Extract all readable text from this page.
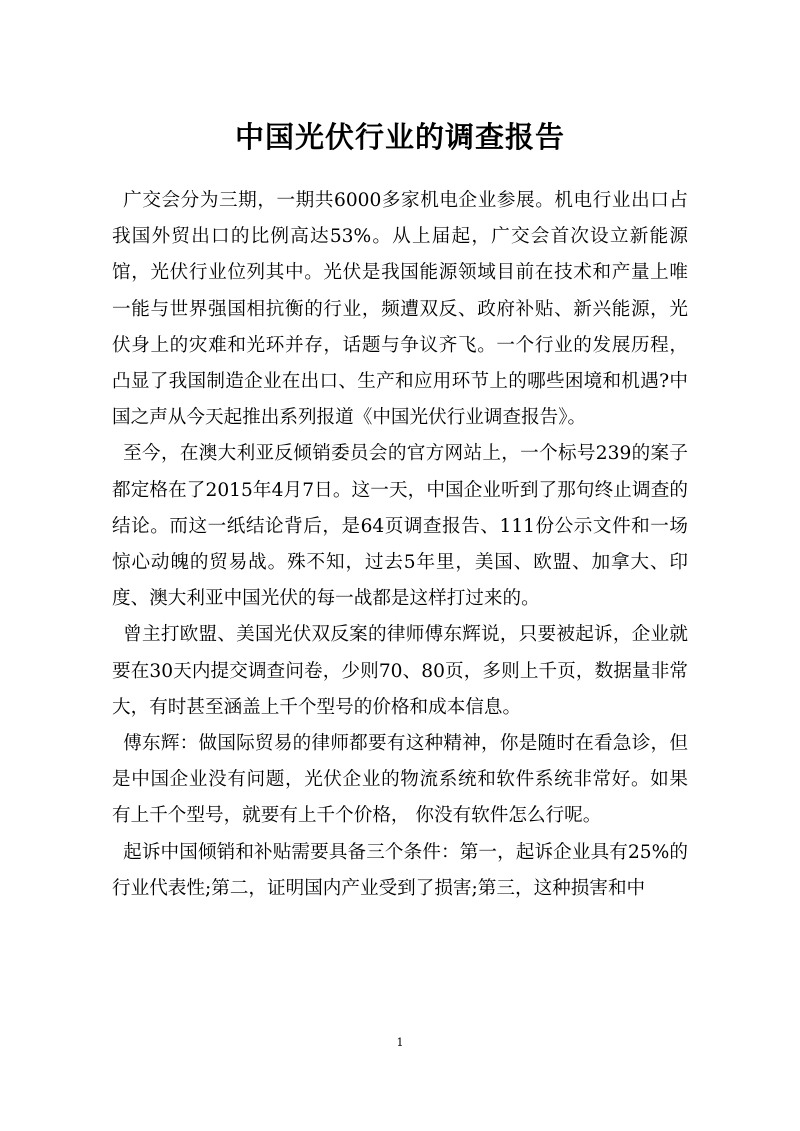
中国光伏行业的调查报告

广交会分为三期，一期共6000多家机电企业参展。机电行业出口占我国外贸出口的比例高达53%。从上届起，广交会首次设立新能源馆，光伏行业位列其中。光伏是我国能源领域目前在技术和产量上唯一能与世界强国相抗衡的行业，频遭双反、政府补贴、新兴能源，光伏身上的灾难和光环并存，话题与争议齐飞。一个行业的发展历程，凸显了我国制造企业在出口、生产和应用环节上的哪些困境和机遇?中国之声从今天起推出系列报道《中国光伏行业调查报告》。

至今，在澳大利亚反倾销委员会的官方网站上，一个标号239的案子都定格在了2015年4月7日。这一天，中国企业听到了那句终止调查的结论。而这一纸结论背后，是64页调查报告、111份公示文件和一场惊心动魄的贸易战。殊不知，过去5年里，美国、欧盟、加拿大、印度、澳大利亚中国光伏的每一战都是这样打过来的。

曾主打欧盟、美国光伏双反案的律师傅东辉说，只要被起诉，企业就要在30天内提交调查问卷，少则70、80页，多则上千页，数据量非常大，有时甚至涵盖上千个型号的价格和成本信息。

傅东辉：做国际贸易的律师都要有这种精神，你是随时在看急诊，但是中国企业没有问题，光伏企业的物流系统和软件系统非常好。如果有上千个型号，就要有上千个价格， 你没有软件怎么行呢。

起诉中国倾销和补贴需要具备三个条件：第一，起诉企业具有25%的行业代表性;第二，证明国内产业受到了损害;第三，这种损害和中

1
